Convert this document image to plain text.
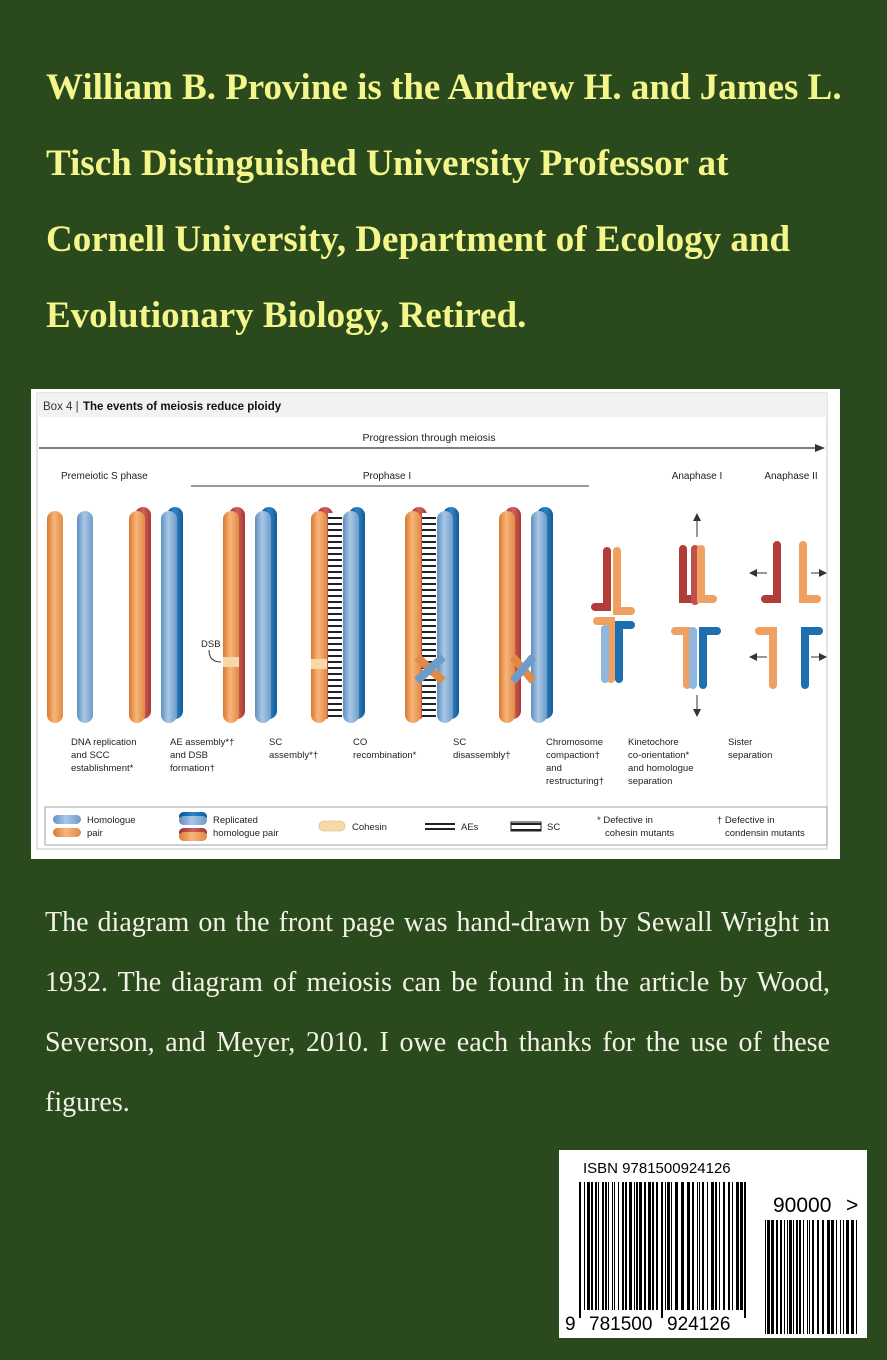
William B. Provine is the Andrew H. and James L. Tisch Distinguished University Professor at Cornell University, Department of Ecology and Evolutionary Biology, Retired.

Box 4 | The events of meiosis reduce ploidy
Progression through meiosis
Premeiotic S phase	Prophase I	Anaphase I	Anaphase II
DSB
DNA replication and SCC establishment*
AE assembly*† and DSB formation†
SC assembly*†
CO recombination*
SC disassembly†
Chromosome compaction† and restructuring†
Kinetochore co-orientation* and homologue separation
Sister separation
Homologue pair
Replicated homologue pair
Cohesin	AEs	SC
* Defective in cohesin mutants
† Defective in condensin mutants

The diagram on the front page was hand-drawn by Sewall Wright in 1932. The diagram of meiosis can be found in the article by Wood, Severson, and Meyer, 2010. I owe each thanks for the use of these figures.

ISBN 9781500924126
90000 >
9 781500 924126
